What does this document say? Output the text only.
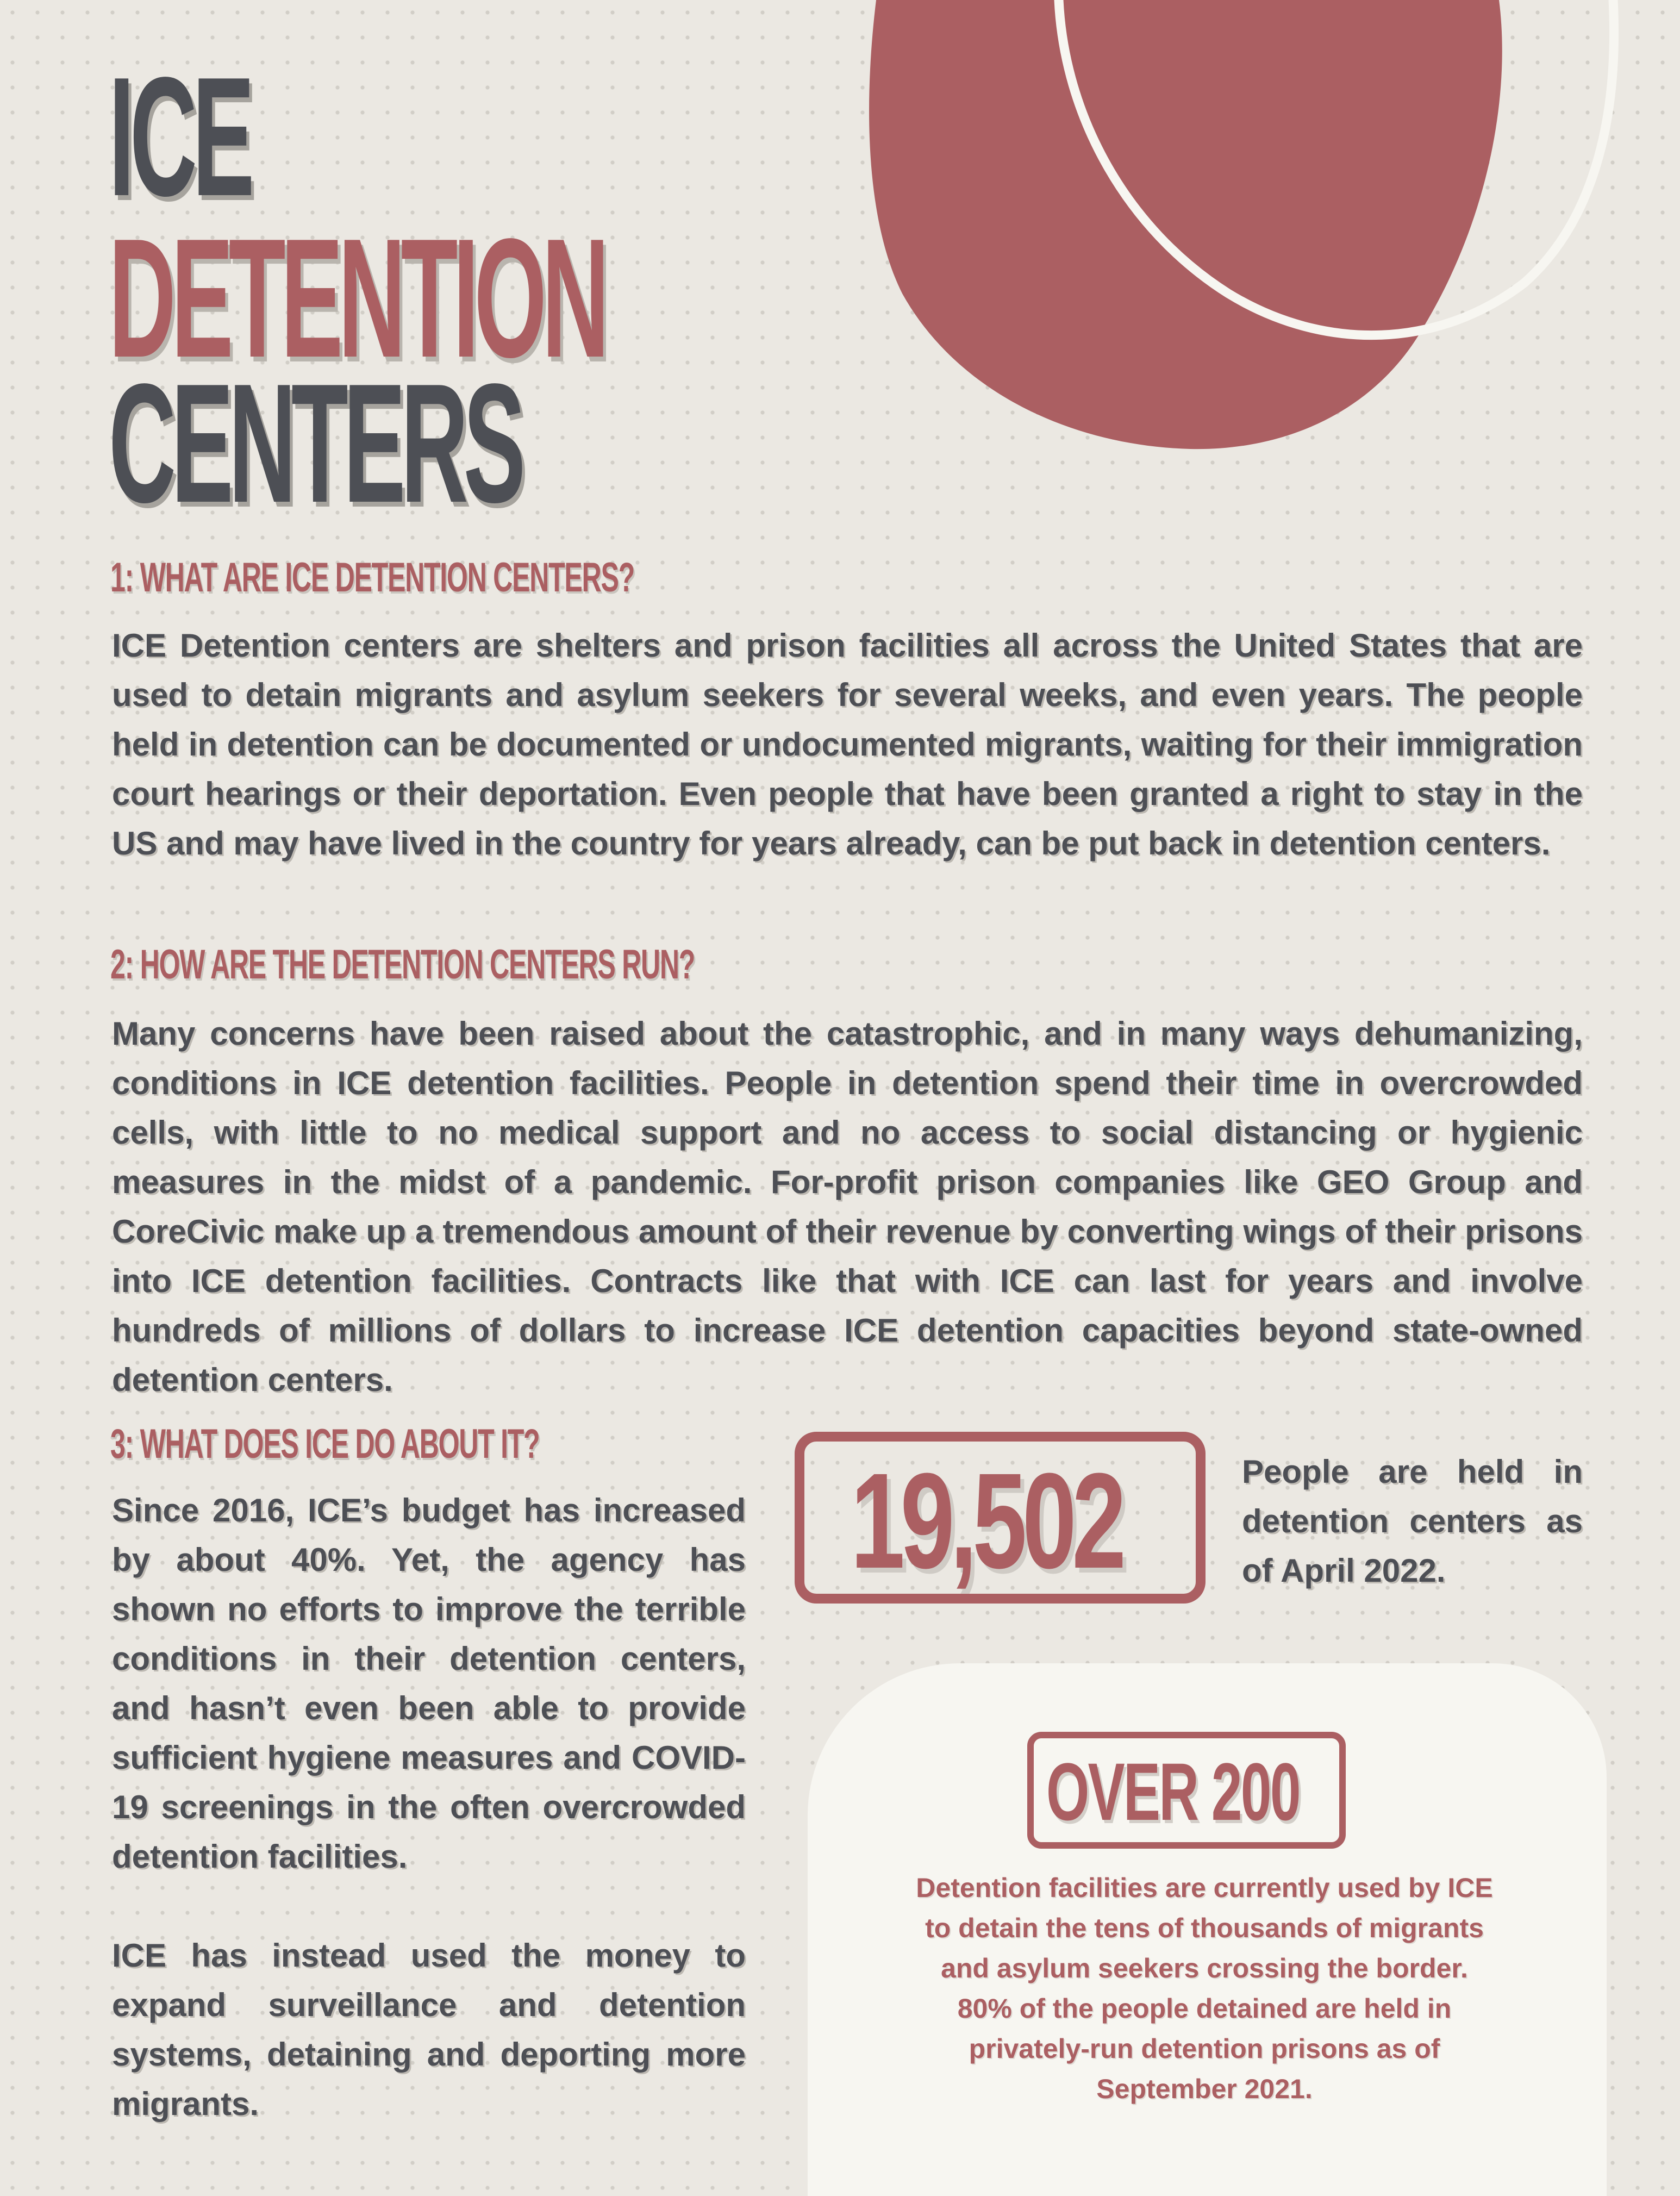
ICE
DETENTION
CENTERS
1: WHAT ARE ICE DETENTION CENTERS?

ICE Detention centers are shelters and prison facilities all across the United States that are used to detain migrants and asylum seekers for several weeks, and even years. The people held in detention can be documented or undocumented migrants, waiting for their immigration court hearings or their deportation. Even people that have been granted a right to stay in the US and may have lived in the country for years already, can be put back in detention centers.

2: HOW ARE THE DETENTION CENTERS RUN?

Many concerns have been raised about the catastrophic, and in many ways dehumanizing, conditions in ICE detention facilities. People in detention spend their time in overcrowded cells, with little to no medical support and no access to social distancing or hygienic measures in the midst of a pandemic. For-profit prison companies like GEO Group and CoreCivic make up a tremendous amount of their revenue by converting wings of their prisons into ICE detention facilities. Contracts like that with ICE can last for years and involve hundreds of millions of dollars to increase ICE detention capacities beyond state-owned detention centers.

3: WHAT DOES ICE DO ABOUT IT?

Since 2016, ICE’s budget has increased by about 40%. Yet, the agency has shown no efforts to improve the terrible conditions in their detention centers, and hasn’t even been able to provide sufficient hygiene measures and COVID-19 screenings in the often overcrowded detention facilities.

ICE has instead used the money to expand surveillance and detention systems, detaining and deporting more migrants.

19,502	People are held in detention centers as of April 2022.

OVER 200

Detention facilities are currently used by ICE
to detain the tens of thousands of migrants
and asylum seekers crossing the border.
80% of the people detained are held in
privately-run detention prisons as of
September 2021.
